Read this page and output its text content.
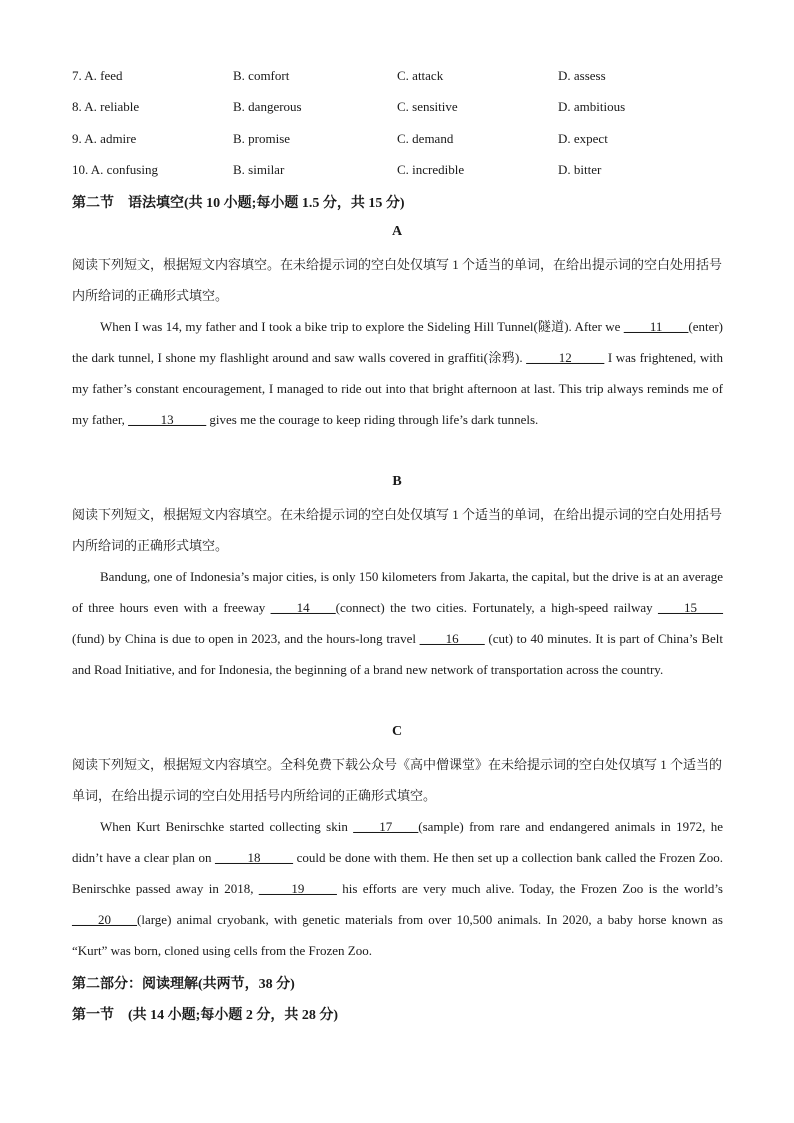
7. A. feed	B. comfort	C. attack	D. assess
8. A. reliable	B. dangerous	C. sensitive	D. ambitious
9. A. admire	B. promise	C. demand	D. expect
10. A. confusing	B. similar	C. incredible	D. bitter
第二节　语法填空(共 10 小题;每小题 1.5 分，共 15 分)
A
阅读下列短文，根据短文内容填空。在未给提示词的空白处仅填写 1 个适当的单词，在给出提示词的空白处用括号内所给词的正确形式填空。
When I was 14, my father and I took a bike trip to explore the Sideling Hill Tunnel(隧道). After we ____11____(enter) the dark tunnel, I shone my flashlight around and saw walls covered in graffiti(涂鸦). _____12_____ I was frightened, with my father’s constant encouragement, I managed to ride out into that bright afternoon at last. This trip always reminds me of my father, _____13_____ gives me the courage to keep riding through life’s dark tunnels.
B
阅读下列短文，根据短文内容填空。在未给提示词的空白处仅填写 1 个适当的单词，在给出提示词的空白处用括号内所给词的正确形式填空。
Bandung, one of Indonesia’s major cities, is only 150 kilometers from Jakarta, the capital, but the drive is at an average of three hours even with a freeway ____14____(connect) the two cities. Fortunately, a high-speed railway ____15____ (fund) by China is due to open in 2023, and the hours-long travel ____16____ (cut) to 40 minutes. It is part of China’s Belt and Road Initiative, and for Indonesia, the beginning of a brand new network of transportation across the country.
C
阅读下列短文，根据短文内容填空。全科免费下载公众号《高中僧课堂》在未给提示词的空白处仅填写 1 个适当的单词，在给出提示词的空白处用括号内所给词的正确形式填空。
When Kurt Benirschke started collecting skin ____17____(sample) from rare and endangered animals in 1972, he didn’t have a clear plan on _____18_____ could be done with them. He then set up a collection bank called the Frozen Zoo. Benirschke passed away in 2018, _____19_____ his efforts are very much alive. Today, the Frozen Zoo is the world’s ____20____(large) animal cryobank, with genetic materials from over 10,500 animals. In 2020, a baby horse known as “Kurt” was born, cloned using cells from the Frozen Zoo.
第二部分：阅读理解(共两节，38 分)
第一节　(共 14 小题;每小题 2 分，共 28 分)
